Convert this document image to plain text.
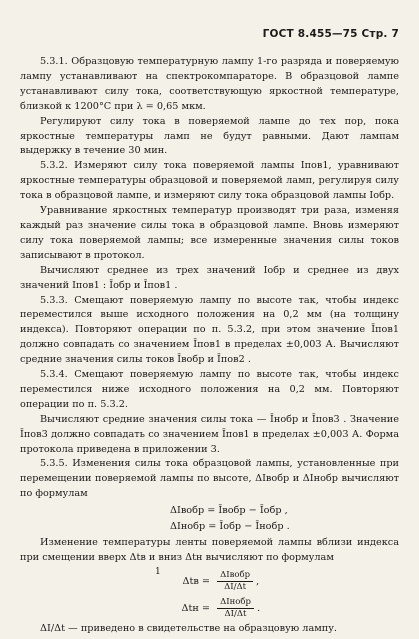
ГОСТ 8.455—75 Стр. 7

5.3.1. Образцовую температурную лампу 1-го разряда и поверяемую лампу устанавливают на спектрокомпараторе. В образцовой лампе устанавливают силу тока, соответствующую яркостной температуре, близкой к 1200°С при λ = 0,65 мкм.

Регулируют силу тока в поверяемой лампе до тех пор, пока яркостные температуры ламп не будут равными. Дают лампам выдержку в течение 30 мин.

5.3.2. Измеряют силу тока поверяемой лампы Iпов1, уравнивают яркостные температуры образцовой и поверяемой ламп, регулируя силу тока в образцовой лампе, и измеряют силу тока образцовой лампы Iобр.

Уравнивание яркостных температур производят три раза, изменяя каждый раз значение силы тока в образцовой лампе. Вновь измеряют силу тока поверяемой лампы; все измеренные значения силы токов записывают в протокол.

Вычисляют среднее из трех значений Iобр и среднее из двух значений Iпов1 : Īобр и Īпов1 .

5.3.3. Смещают поверяемую лампу по высоте так, чтобы индекс переместился выше исходного положения на 0,2 мм (на толщину индекса). Повторяют операции по п. 5.3.2, при этом значение Īпов1 должно совпадать со значением Īпов1 в пределах ±0,003 А. Вычисляют средние значения силы токов Īвобр и Īпов2 .

5.3.4. Смещают поверяемую лампу по высоте так, чтобы индекс переместился ниже исходного положения на 0,2 мм. Повторяют операции по п. 5.3.2.

Вычисляют средние значения силы тока — Īнобр и Īпов3 . Значение Īпов3 должно совпадать со значением Īпов1 в пределах ±0,003 А. Форма протокола приведена в приложении 3.

5.3.5. Изменения силы тока образцовой лампы, установленные при перемещении поверяемой лампы по высоте, ΔIвобр и ΔIнобр вычисляют по формулам

ΔIвобр = Īвобр − Īобр ,
ΔIнобр = Īобр − Īнобр .

Изменение температуры ленты поверяемой лампы вблизи индекса при смещении вверх Δtв и вниз Δtн вычисляют по формулам

$\Delta tв = \frac{\text{ΔIвобр}}{\Delta I/\Delta t}$ ,
$\Delta tн = \frac{\text{ΔIнобр}}{\Delta I/\Delta t}$ .

ΔI/Δt — приведено в свидетельстве на образцовую лампу.

1
